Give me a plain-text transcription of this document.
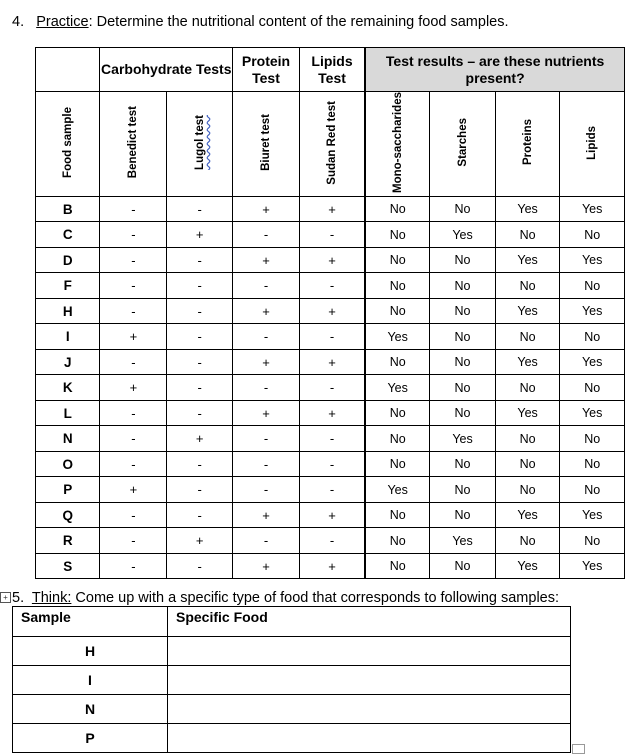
4. Practice: Determine the nutritional content of the remaining food samples.
	Carbohydrate Tests		Protein Test	Lipids Test	Test results – are these nutrients present?			
Food sample	Benedict test	Lugol test	Biuret test	Sudan Red test	Mono-saccharides	Starches	Proteins	Lipids
B	-	-	+	+	No	No	Yes	Yes
C	-	+	-	-	No	Yes	No	No
D	-	-	+	+	No	No	Yes	Yes
F	-	-	-	-	No	No	No	No
H	-	-	+	+	No	No	Yes	Yes
I	+	-	-	-	Yes	No	No	No
J	-	-	+	+	No	No	Yes	Yes
K	+	-	-	-	Yes	No	No	No
L	-	-	+	+	No	No	Yes	Yes
N	-	+	-	-	No	Yes	No	No
O	-	-	-	-	No	No	No	No
P	+	-	-	-	Yes	No	No	No
Q	-	-	+	+	No	No	Yes	Yes
R	-	+	-	-	No	Yes	No	No
S	-	-	+	+	No	No	Yes	Yes
+ 5. Think: Come up with a specific type of food that corresponds to following samples:
Sample	Specific Food
H	
I	
N	
P	
